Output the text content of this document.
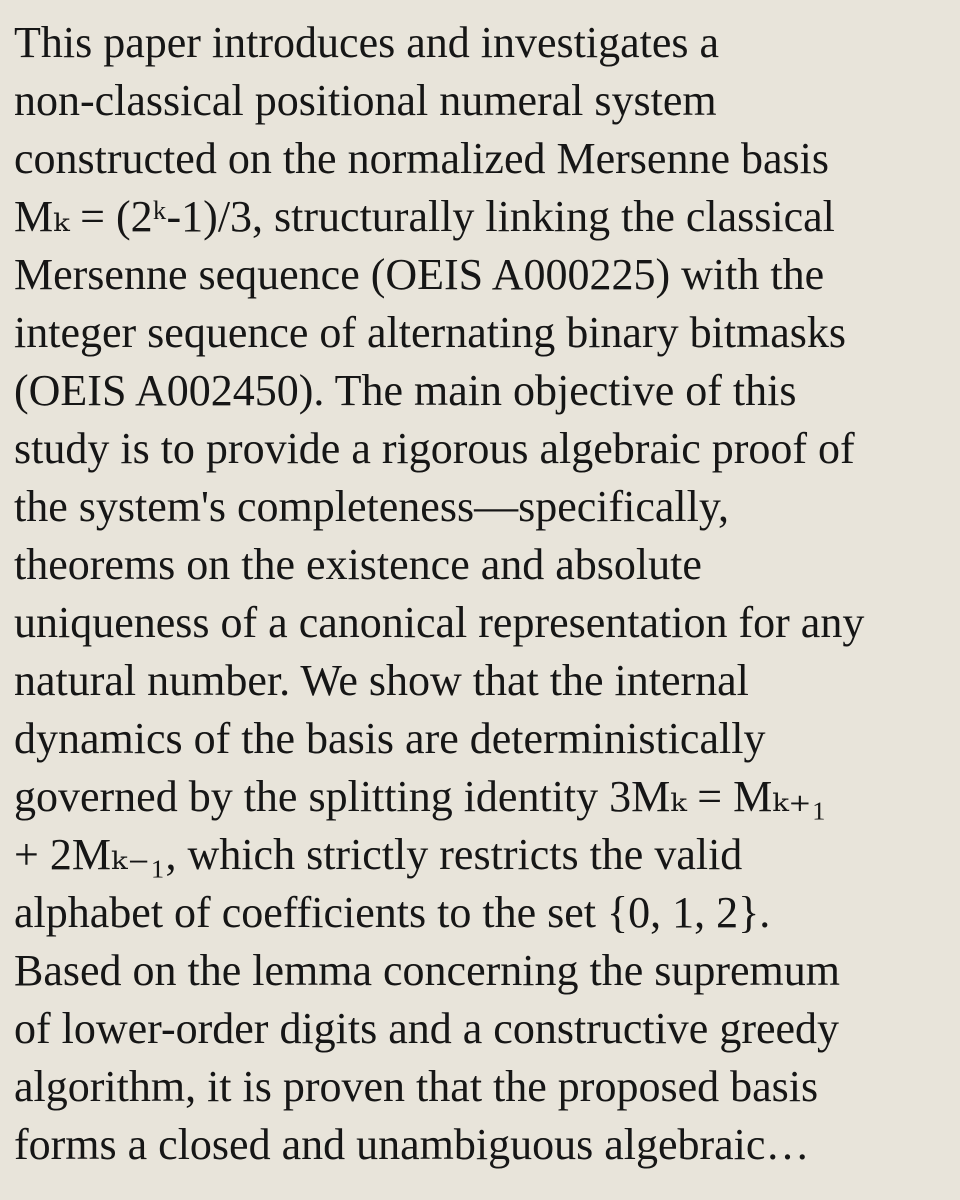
This paper introduces and investigates a
non-classical positional numeral system
constructed on the normalized Mersenne basis
Mₖ = (2ᵏ-1)/3, structurally linking the classical
Mersenne sequence (OEIS A000225) with the
integer sequence of alternating binary bitmasks
(OEIS A002450). The main objective of this
study is to provide a rigorous algebraic proof of
the system's completeness—specifically,
theorems on the existence and absolute
uniqueness of a canonical representation for any
natural number. We show that the internal
dynamics of the basis are deterministically
governed by the splitting identity 3Mₖ = Mₖ₊₁
+ 2Mₖ₋₁, which strictly restricts the valid
alphabet of coefficients to the set {0, 1, 2}.
Based on the lemma concerning the supremum
of lower-order digits and a constructive greedy
algorithm, it is proven that the proposed basis
forms a closed and unambiguous algebraic…
